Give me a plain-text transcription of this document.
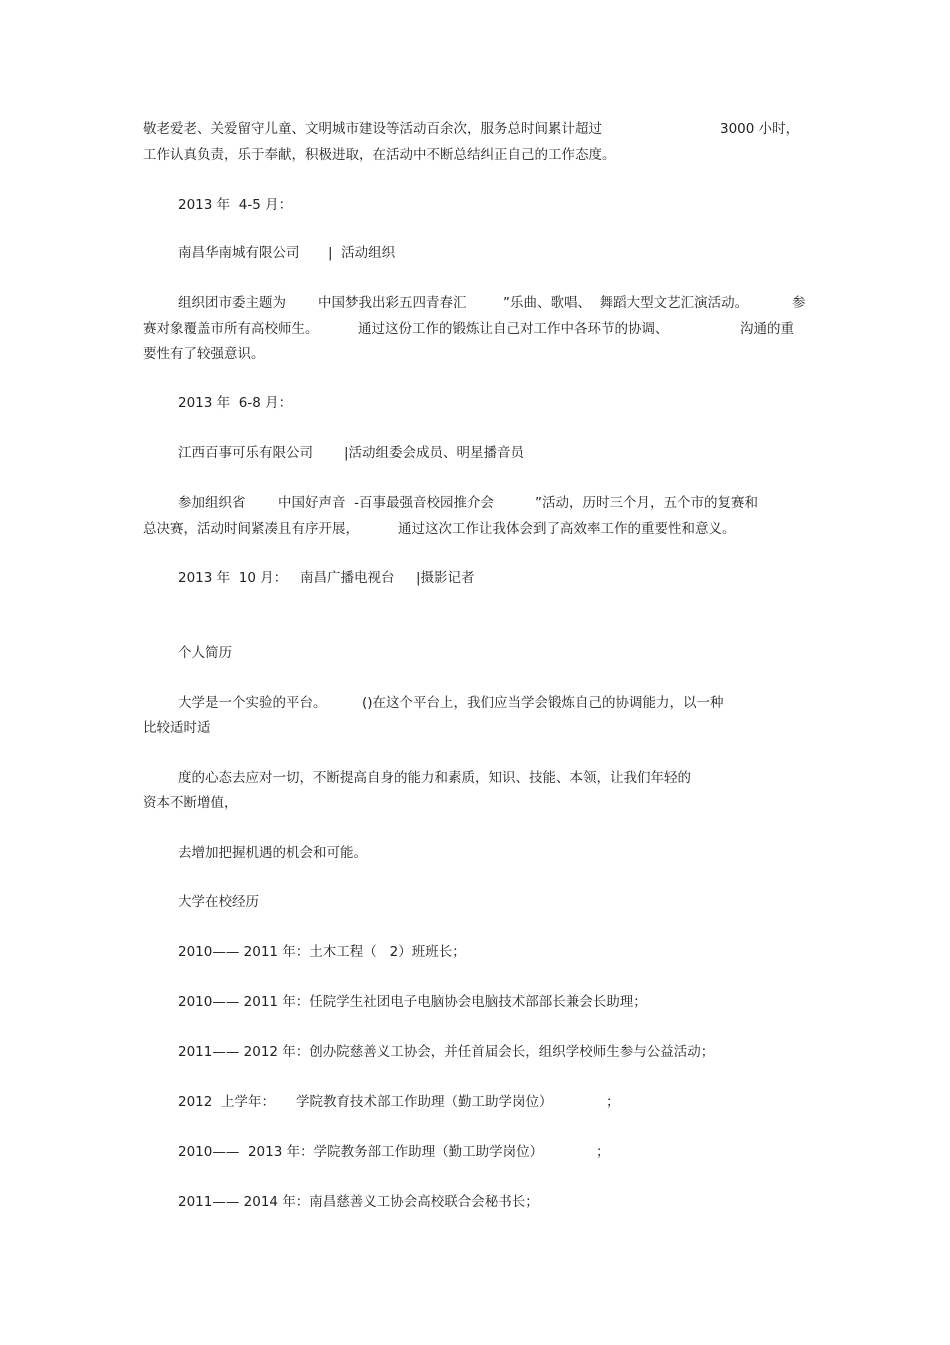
敬老爱老、关爱留守儿童、文明城市建设等活动百余次，服务总时间累计超过	3000 小时，
工作认真负责，乐于奉献，积极进取，在活动中不断总结纠正自己的工作态度。
2013 年  4-5 月：
南昌华南城有限公司 |  活动组织
组织团市委主题为 中国梦我出彩五四青春汇	”乐曲、歌唱、  舞蹈大型文艺汇演活动。	参
赛对象覆盖市所有高校师生。	通过这份工作的锻炼让自己对工作中各环节的协调、	沟通的重
要性有了较强意识。
2013 年  6-8 月：
江西百事可乐有限公司 |活动组委会成员、明星播音员
参加组织省 中国好声音  -百事最强音校园推介会	”活动，历时三个月，五个市的复赛和
总决赛，活动时间紧凑且有序开展，	通过这次工作让我体会到了高效率工作的重要性和意义。
2013 年  10 月： 南昌广播电视台 |摄影记者
个人简历
大学是一个实验的平台。	()在这个平台上，我们应当学会锻炼自己的协调能力，以一种
比较适时适
度的心态去应对一切，不断提高自身的能力和素质，知识、技能、本领，让我们年轻的
资本不断增值，
去增加把握机遇的机会和可能。
大学在校经历
2010—— 2011 年：土木工程（   2）班班长；
2010—— 2011 年：任院学生社团电子电脑协会电脑技术部部长兼会长助理；
2011—— 2012 年：创办院慈善义工协会，并任首届会长，组织学校师生参与公益活动；
2012  上学年： 学院教育技术部工作助理（勤工助学岗位）	；
2010——  2013 年：学院教务部工作助理（勤工助学岗位）	；
2011—— 2014 年：南昌慈善义工协会高校联合会秘书长；
